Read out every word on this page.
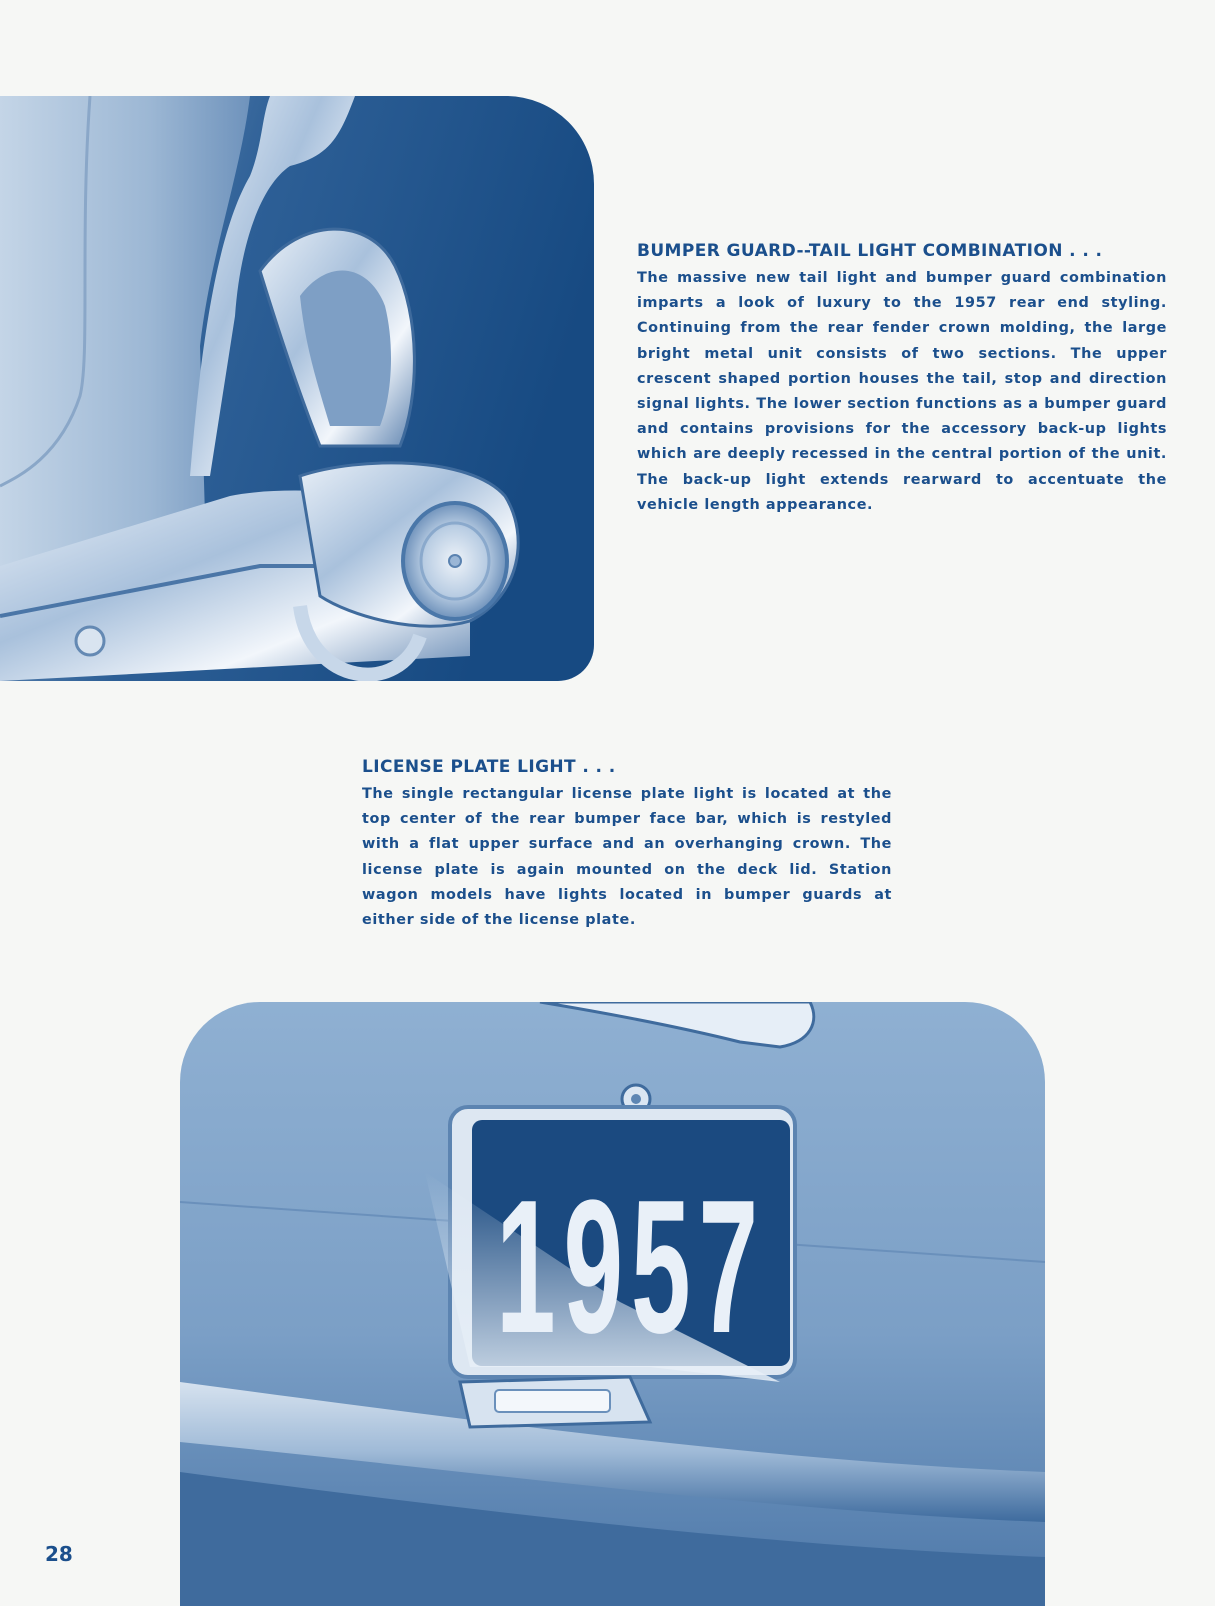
BUMPER GUARD--TAIL LIGHT COMBINATION . . .

The massive new tail light and bumper guard combination imparts a look of luxury to the 1957 rear end styling. Continuing from the rear fender crown molding, the large bright metal unit consists of two sections. The upper crescent shaped portion houses the tail, stop and direction signal lights. The lower section functions as a bumper guard and contains provisions for the accessory back-up lights which are deeply recessed in the central portion of the unit. The back-up light extends rearward to accentuate the vehicle length appearance.

LICENSE PLATE LIGHT . . .

The single rectangular license plate light is located at the top center of the rear bumper face bar, which is restyled with a flat upper surface and an overhanging crown. The license plate is again mounted on the deck lid. Station wagon models have lights located in bumper guards at either side of the license plate.

1957
28
